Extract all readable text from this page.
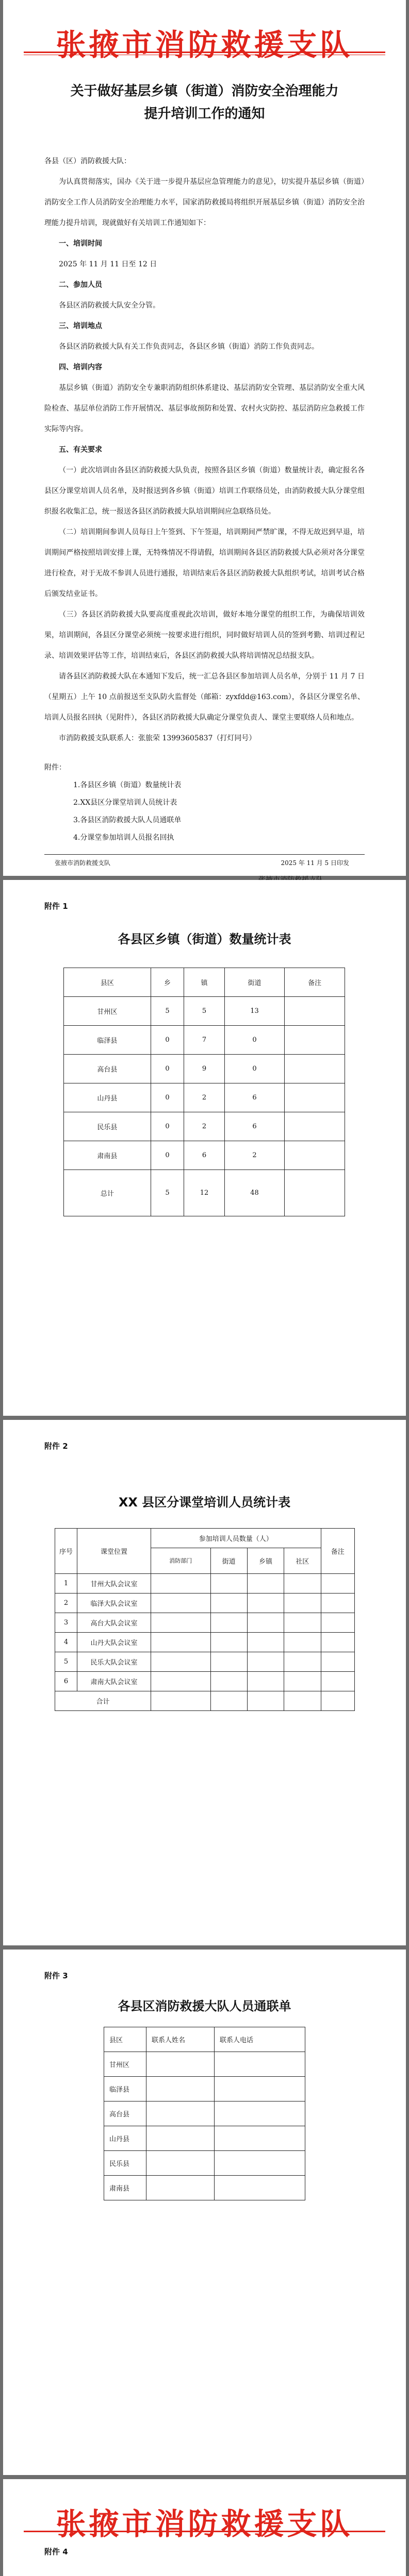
张掖市消防救援支队
关于做好基层乡镇（街道）消防安全治理能力
提升培训工作的通知
各县（区）消防救援大队：
为认真贯彻落实，国办《关于进一步提升基层应急管理能力的意见》，切实提升基层乡镇（街道）消防安全工作人员消防安全治理能力水平，国家消防救援局将组织开展基层乡镇（街道）消防安全治理能力提升培训，现就做好有关培训工作通知如下：
一、培训时间
2025 年 11 月 11 日至 12 日
二、参加人员
各县区消防救援大队安全分管。
三、培训地点
各县区消防救援大队有关工作负责同志，各县区乡镇（街道）消防工作负责同志。
四、培训内容
基层乡镇（街道）消防安全专兼职消防组织体系建设、基层消防安全管理、基层消防安全重大风险检查、基层单位消防工作开展情况、基层事故预防和处置、农村火灾防控、基层消防应急救援工作实际等内容。
五、有关要求
（一）此次培训由各县区消防救援大队负责，按照各县区乡镇（街道）数量统计表，确定报名各县区分课堂培训人员名单，及时报送到各乡镇（街道）培训工作联络员处，由消防救援大队分课堂组织报名收集汇总，统一报送各县区消防救援大队培训期间应急联络员处。
（二）培训期间参训人员每日上午签到、下午签退，培训期间严禁旷课，不得无故迟到早退，培训期间严格按照培训安排上课，无特殊情况不得请假，培训期间各县区消防救援大队必须对各分课堂进行检查，对于无故不参训人员进行通报，培训结束后各县区消防救援大队组织考试，培训考试合格后颁发结业证书。
（三）各县区消防救援大队要高度重视此次培训，做好本地分课堂的组织工作，为确保培训效果，培训期间，各县区分课堂必须统一按要求进行组织，同时做好培训人员的签到考勤、培训过程记录、培训效果评估等工作，培训结束后，各县区消防救援大队将培训情况总结报支队。
请各县区消防救援大队在本通知下发后，统一汇总各县区参加培训人员名单，分别于 11 月 7 日（星期五）上午 10 点前报送至支队防火监督处（邮箱：zyxfdd@163.com），各县区分课堂名单、培训人员报名回执（见附件），各县区消防救援大队确定分课堂负责人、课堂主要联络人员和地点。
市消防救援支队联系人：张旅荣 13993605837（打灯同号）
附件：
1.各县区乡镇（街道）数量统计表
2.XX县区分课堂培训人员统计表
3.各县区消防救援大队人员通联单
4.分课堂参加培训人员报名回执
张掖市消防救援支队	2025 年 11 月 5 日印发
附件 1
各县区乡镇（街道）数量统计表
县区	乡	镇	街道	备注
甘州区	5	5	13	
临泽县	0	7	0	
高台县	0	9	0	
山丹县	0	2	6	
民乐县	0	2	6	
肃南县	0	6	2	
总计	5	12	48	
附件 2
XX 县区分课堂培训人员统计表
序号	课堂位置	参加培训人员数量（人）				备注
		消防部门	街道	乡镇	社区	
1	甘州大队会议室					
2	临泽大队会议室					
3	高台大队会议室					
4	山丹大队会议室					
5	民乐大队会议室					
6	肃南大队会议室					
合计						
附件 3
各县区消防救援大队人员通联单
县区	联系人姓名	联系人电话
甘州区		
临泽县		
高台县		
山丹县		
民乐县		
肃南县		
张掖市消防救援支队
附件 4
